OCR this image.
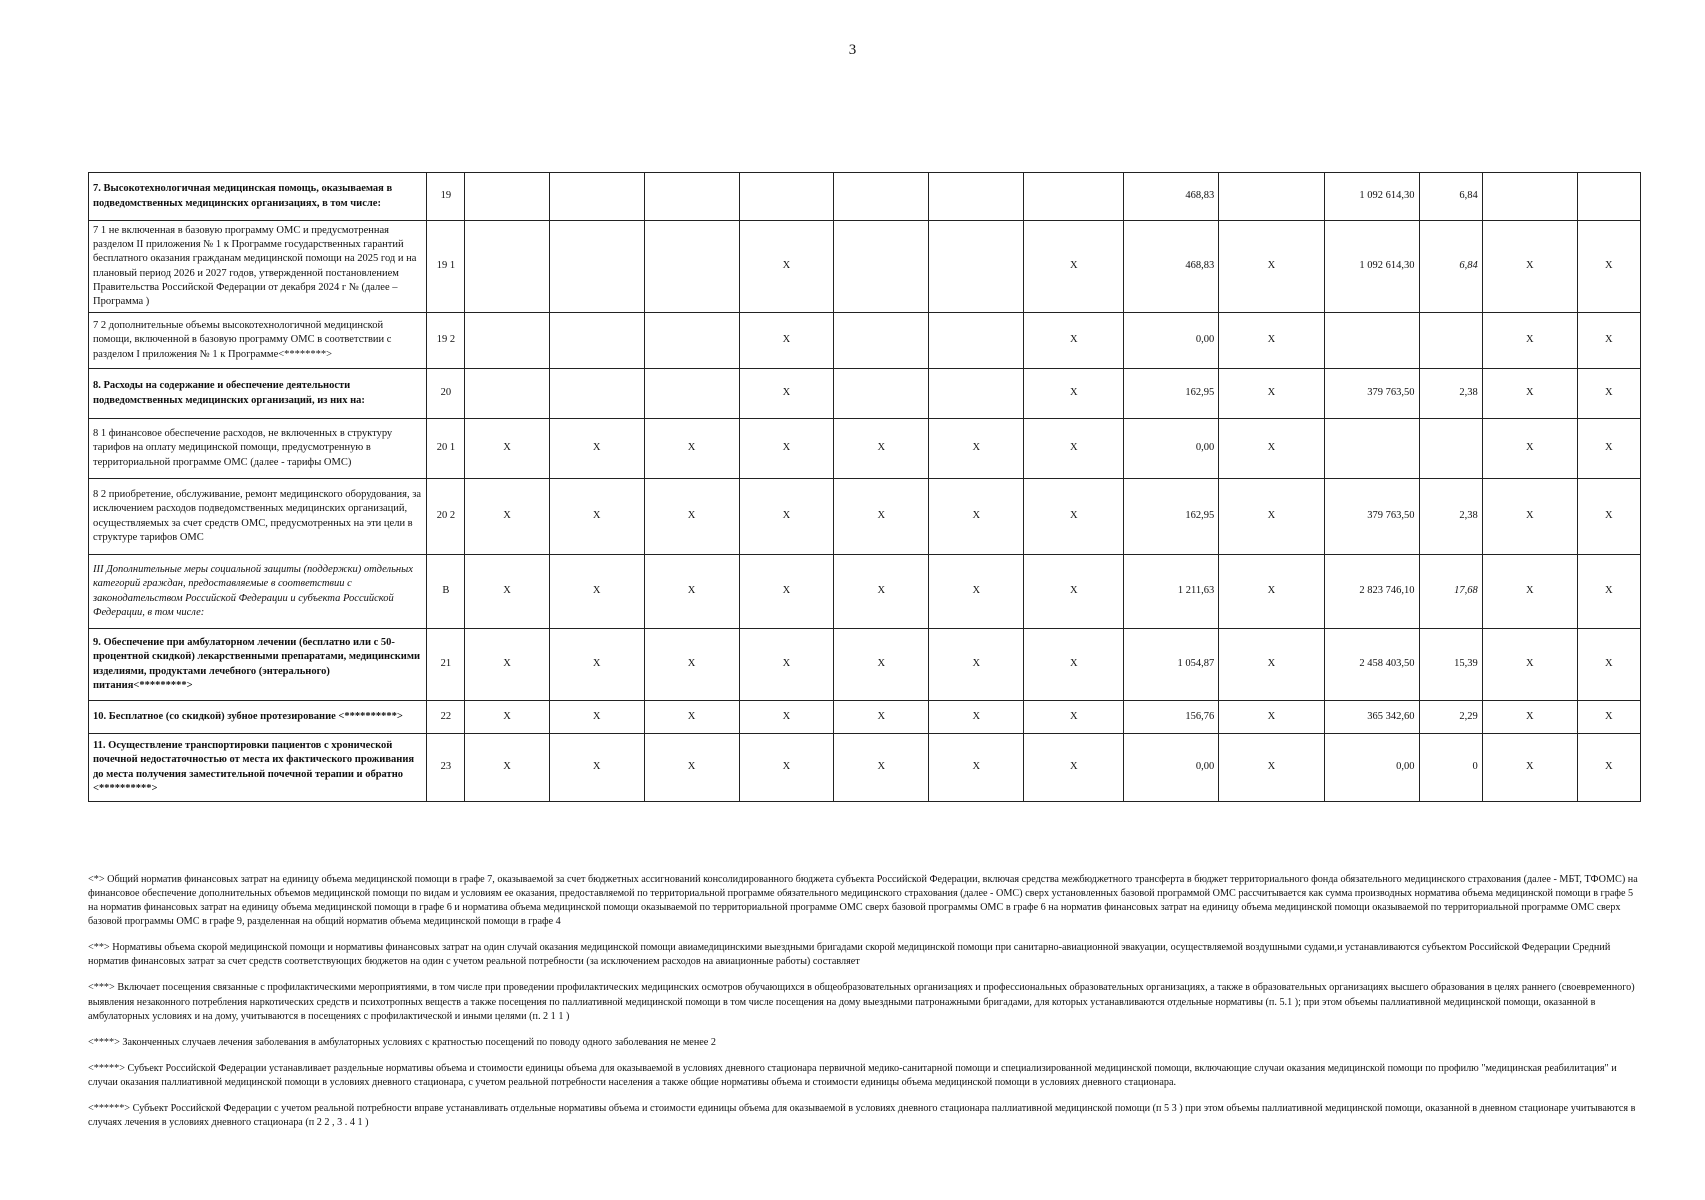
3
7. Высокотехнологичная медицинская помощь, оказываемая в подведомственных медицинских организациях, в том числе:	19								468,83		1 092 614,30	6,84		
7 1 не включенная в базовую программу ОМС и предусмотренная разделом II приложения № 1 к Программе государственных гарантий бесплатного оказания гражданам медицинской помощи на 2025 год и на плановый период 2026 и 2027 годов, утвержденной постановлением Правительства Российской Федерации от декабря 2024 г № (далее – Программа )	19 1				X			X	468,83	X	1 092 614,30	6,84	X	X
7 2 дополнительные объемы высокотехнологичной медицинской помощи, включенной в базовую программу ОМС в соответствии с разделом I приложения № 1 к Программе<********>	19 2				X			X	0,00	X			X	X
8. Расходы на содержание и обеспечение деятельности подведомственных медицинских организаций, из них на:	20				X			X	162,95	X	379 763,50	2,38	X	X
8 1 финансовое обеспечение расходов, не включенных в структуру тарифов на оплату медицинской помощи, предусмотренную в территориальной программе ОМС (далее - тарифы ОМС)	20 1	X	X	X	X	X	X	X	0,00	X			X	X
8 2 приобретение, обслуживание, ремонт медицинского оборудования, за исключением расходов подведомственных медицинских организаций, осуществляемых за счет средств ОМС, предусмотренных на эти цели в структуре тарифов ОМС	20 2	X	X	X	X	X	X	X	162,95	X	379 763,50	2,38	X	X
III Дополнительные меры социальной защиты (поддержки) отдельных категорий граждан, предоставляемые в соответствии с законодательством Российской Федерации и субъекта Российской Федерации, в том числе:	В	X	X	X	X	X	X	X	1 211,63	X	2 823 746,10	17,68	X	X
9. Обеспечение при амбулаторном лечении (бесплатно или с 50-процентной скидкой) лекарственными препаратами, медицинскими изделиями, продуктами лечебного (энтерального) питания<*********>	21	X	X	X	X	X	X	X	1 054,87	X	2 458 403,50	15,39	X	X
10. Бесплатное (со скидкой) зубное протезирование <**********>	22	X	X	X	X	X	X	X	156,76	X	365 342,60	2,29	X	X
11. Осуществление транспортировки пациентов с хронической почечной недостаточностью от места их фактического проживания до места получения заместительной почечной терапии и обратно <**********>	23	X	X	X	X	X	X	X	0,00	X	0,00	0	X	X

<*> Общий норматив финансовых затрат на единицу объема медицинской помощи в графе 7, оказываемой за счет бюджетных ассигнований консолидированного бюджета субъекта Российской Федерации, включая средства межбюджетного трансферта в бюджет территориального фонда обязательного медицинского страхования (далее - МБТ, ТФОМС) на финансовое обеспечение дополнительных объемов медицинской помощи по видам и условиям ее оказания, предоставляемой по территориальной программе обязательного медицинского страхования (далее - ОМС) сверх установленных базовой программой ОМС рассчитывается как сумма производных норматива объема медицинской помощи в графе 5 на норматив финансовых затрат на единицу объема медицинской помощи в графе 6 и норматива объема медицинской помощи оказываемой по территориальной программе ОМС сверх базовой программы ОМС в графе 6 на норматив финансовых затрат на единицу объема медицинской помощи оказываемой по территориальной программе ОМС сверх базовой программы ОМС в графе 9, разделенная на общий норматив объема медицинской помощи в графе 4

<**> Нормативы объема скорой медицинской помощи и нормативы финансовых затрат на один случай оказания медицинской помощи авиамедицинскими выездными бригадами скорой медицинской помощи при санитарно-авиационной эвакуации, осуществляемой воздушными судами,и устанавливаются субъектом Российской Федерации Средний норматив финансовых затрат за счет средств соответствующих бюджетов на один с учетом реальной потребности (за исключением расходов на авиационные работы) составляет

<***> Включает посещения связанные с профилактическими мероприятиями, в том числе при проведении профилактических медицинских осмотров обучающихся в общеобразовательных организациях и профессиональных образовательных организациях, а также в образовательных организациях высшего образования в целях раннего (своевременного) выявления незаконного потребления наркотических средств и психотропных веществ а также посещения по паллиативной медицинской помощи в том числе посещения на дому выездными патронажными бригадами, для которых устанавливаются отдельные нормативы (п. 5.1 ); при этом объемы паллиативной медицинской помощи, оказанной в амбулаторных условиях и на дому, учитываются в посещениях с профилактической и иными целями (п. 2 1 1 )

<****> Законченных случаев лечения заболевания в амбулаторных условиях с кратностью посещений по поводу одного заболевания не менее 2

<*****> Субъект Российской Федерации устанавливает раздельные нормативы объема и стоимости единицы объема для оказываемой в условиях дневного стационара первичной медико-санитарной помощи и специализированной медицинской помощи, включающие случаи оказания медицинской помощи по профилю "медицинская реабилитация" и случаи оказания паллиативной медицинской помощи в условиях дневного стационара, с учетом реальной потребности населения а также общие нормативы объема и стоимости единицы объема медицинской помощи в условиях дневного стационара.

<******> Субъект Российской Федерации с учетом реальной потребности вправе устанавливать отдельные нормативы объема и стоимости единицы объема для оказываемой в условиях дневного стационара паллиативной медицинской помощи (п 5 3 ) при этом объемы паллиативной медицинской помощи, оказанной в дневном стационаре учитываются в случаях лечения в условиях дневного стационара (п 2 2 , 3 . 4 1 )
